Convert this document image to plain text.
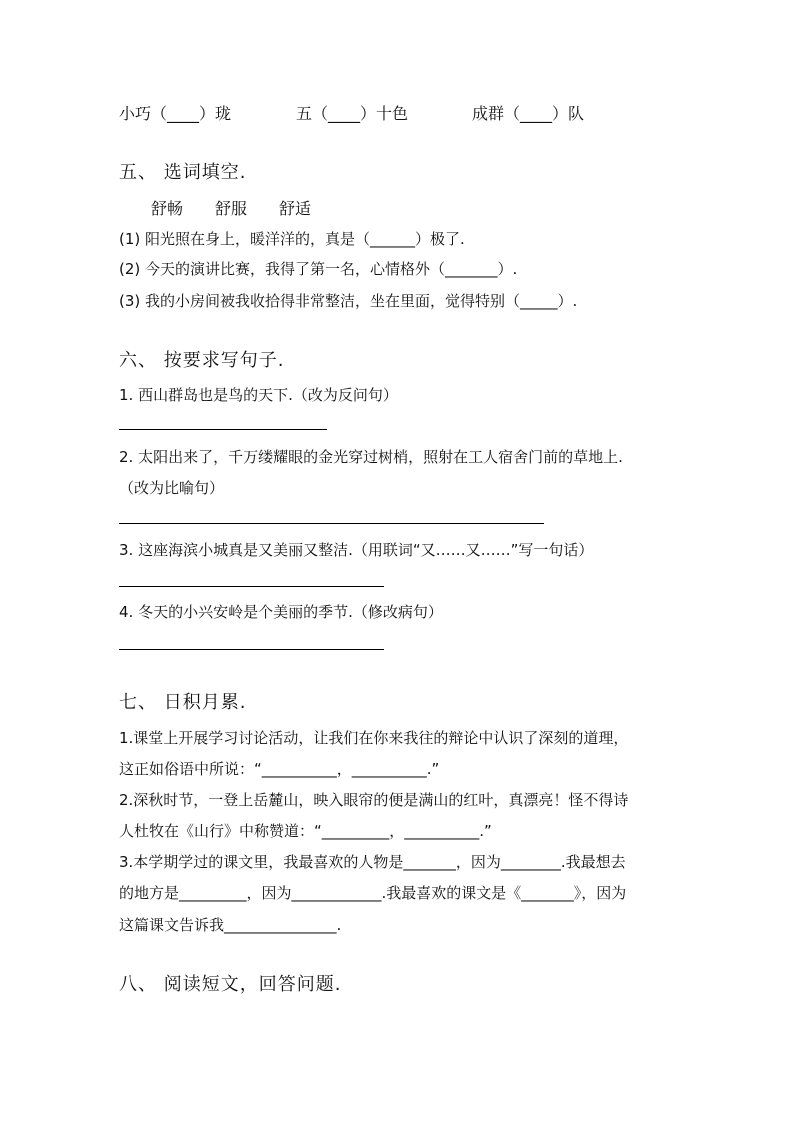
小巧（____）珑	五（____）十色	成群（____）队
五、 选词填空.
舒畅 舒服 舒适
(1) 阳光照在身上，暖洋洋的，真是（______）极了.
(2) 今天的演讲比赛，我得了第一名，心情格外（_______）.
(3) 我的小房间被我收拾得非常整洁，坐在里面，觉得特别（_____）.
六、 按要求写句子.
1. 西山群岛也是鸟的天下.（改为反问句）
2. 太阳出来了，千万缕耀眼的金光穿过树梢，照射在工人宿舍门前的草地上.
（改为比喻句）
3. 这座海滨小城真是又美丽又整洁.（用联词“又……又……”写一句话）
4. 冬天的小兴安岭是个美丽的季节.（修改病句）
七、 日积月累.
1.课堂上开展学习讨论活动，让我们在你来我往的辩论中认识了深刻的道理，
这正如俗语中所说：“__________，__________.”
2.深秋时节，一登上岳麓山，映入眼帘的便是满山的红叶，真漂亮！怪不得诗
人杜牧在《山行》中称赞道：“_________，__________.”
3.本学期学过的课文里，我最喜欢的人物是_______，因为________.我最想去
的地方是_________，因为____________.我最喜欢的课文是《_______》，因为
这篇课文告诉我_______________.
八、 阅读短文，回答问题.
